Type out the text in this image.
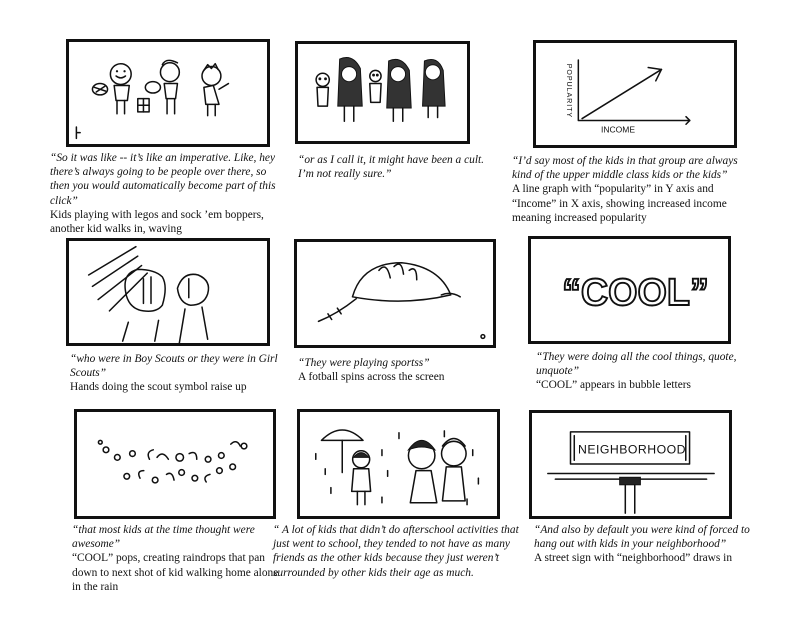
“So it was like -- it’s like an imperative. Like, hey there’s always going to be people over there, so then you would automatically become part of this click”
Kids playing with legos and sock ’em boppers, another kid walks in, waving
“or as I call it, it might have been a cult. I’m not really sure.”
POPULARITY
INCOME
“I’d say most of the kids in that group are always kind of the upper middle class kids or the kids”
A line graph with “popularity” in Y axis and “Income” in X axis, showing increased income meaning increased popularity
“who were in Boy Scouts or they were in Girl Scouts”
Hands doing the scout symbol raise up
“They were playing sportss”
A fotball spins across the screen
“COOL”
“They were doing all the cool things, quote, unquote”
“COOL” appears in bubble letters
“that most kids at the time thought were awesome”
“COOL” pops, creating raindrops that pan down to next shot of kid walking home alone in the rain
“ A lot of kids that didn’t do afterschool activities that just went to school, they tended to not have as many friends as the other kids because they just weren’t surrounded by other kids their age as much.
NEIGHBORHOOD
“And also by default you were kind of forced to hang out with kids in your neighborhood”
A street sign with “neighborhood” draws in
